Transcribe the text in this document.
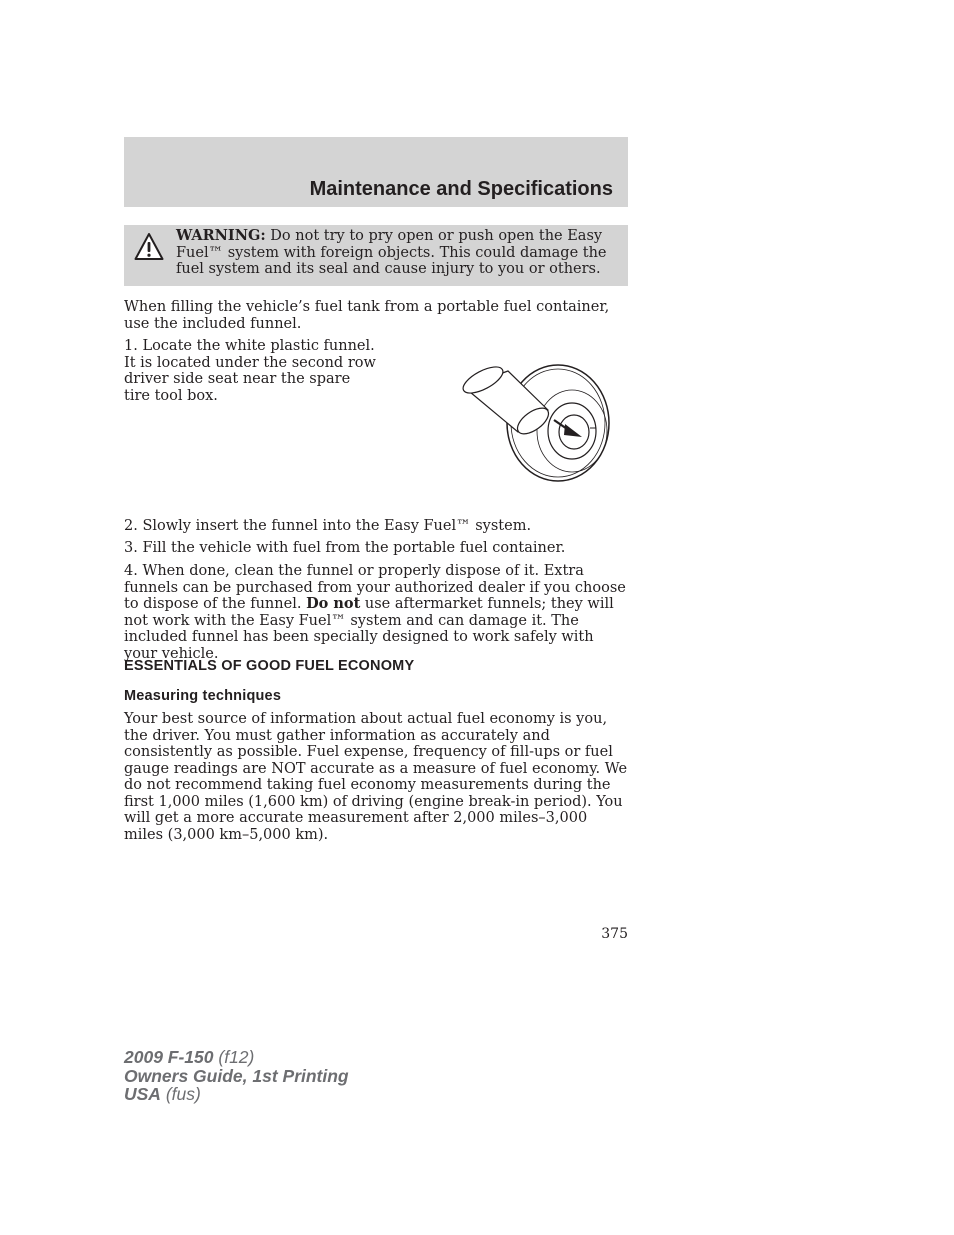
Maintenance and Specifications
WARNING: Do not try to pry open or push open the Easy Fuel™ system with foreign objects. This could damage the fuel system and its seal and cause injury to you or others.

When filling the vehicle’s fuel tank from a portable fuel container, use the included funnel.

1. Locate the white plastic funnel. It is located under the second row driver side seat near the spare tire tool box.

2. Slowly insert the funnel into the Easy Fuel™ system.

3. Fill the vehicle with fuel from the portable fuel container.

4. When done, clean the funnel or properly dispose of it. Extra funnels can be purchased from your authorized dealer if you choose to dispose of the funnel. Do not use aftermarket funnels; they will not work with the Easy Fuel™ system and can damage it. The included funnel has been specially designed to work safely with your vehicle.

ESSENTIALS OF GOOD FUEL ECONOMY
Measuring techniques

Your best source of information about actual fuel economy is you, the driver. You must gather information as accurately and consistently as possible. Fuel expense, frequency of fill-ups or fuel gauge readings are NOT accurate as a measure of fuel economy. We do not recommend taking fuel economy measurements during the first 1,000 miles (1,600 km) of driving (engine break-in period). You will get a more accurate measurement after 2,000 miles–3,000 miles (3,000 km–5,000 km).

375
2009 F-150 (f12)
Owners Guide, 1st Printing
USA (fus)
